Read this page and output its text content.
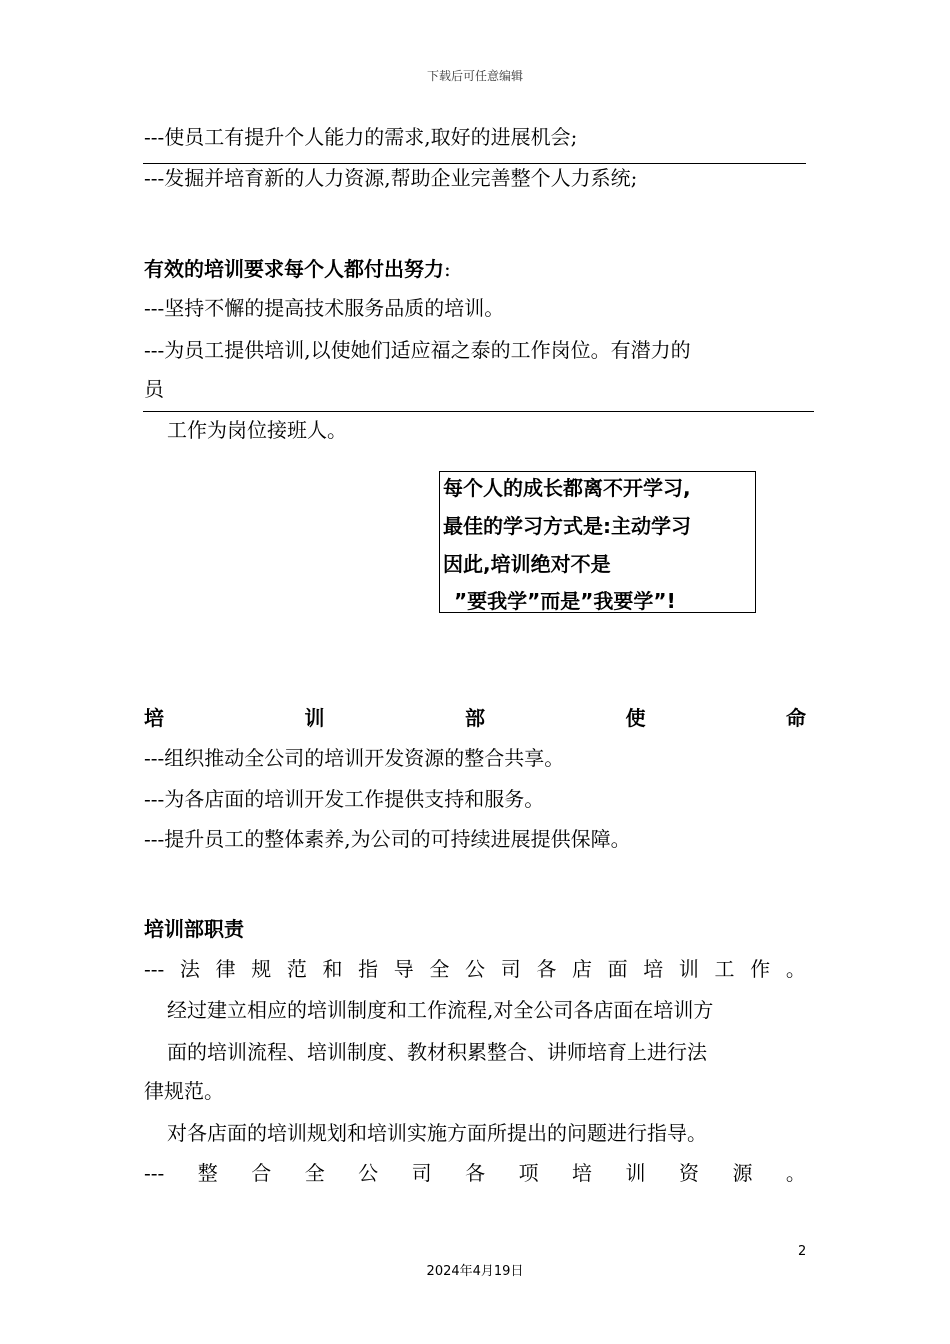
下载后可任意编辑
---使员工有提升个人能力的需求,取好的进展机会;
---发掘并培育新的人力资源,帮助企业完善整个人力系统;
有效的培训要求每个人都付出努力:
---坚持不懈的提高技术服务品质的培训。
---为员工提供培训,以使她们适应福之泰的工作岗位。有潜力的
员
工作为岗位接班人。
每个人的成长都离不开学习,
最佳的学习方式是:主动学习
因此,培训绝对不是
”要我学”而是”我要学”!
培	训	部	使	命
---组织推动全公司的培训开发资源的整合共享。
---为各店面的培训开发工作提供支持和服务。
---提升员工的整体素养,为公司的可持续进展提供保障。
培训部职责
--- 法 律 规 范 和 指 导 全 公 司 各 店 面 培 训 工 作 。
经过建立相应的培训制度和工作流程,对全公司各店面在培训方
面的培训流程、培训制度、教材积累整合、讲师培育上进行法
律规范。
对各店面的培训规划和培训实施方面所提出的问题进行指导。
--- 整 合 全 公 司 各 项 培 训 资 源 。
2
2024年4月19日
